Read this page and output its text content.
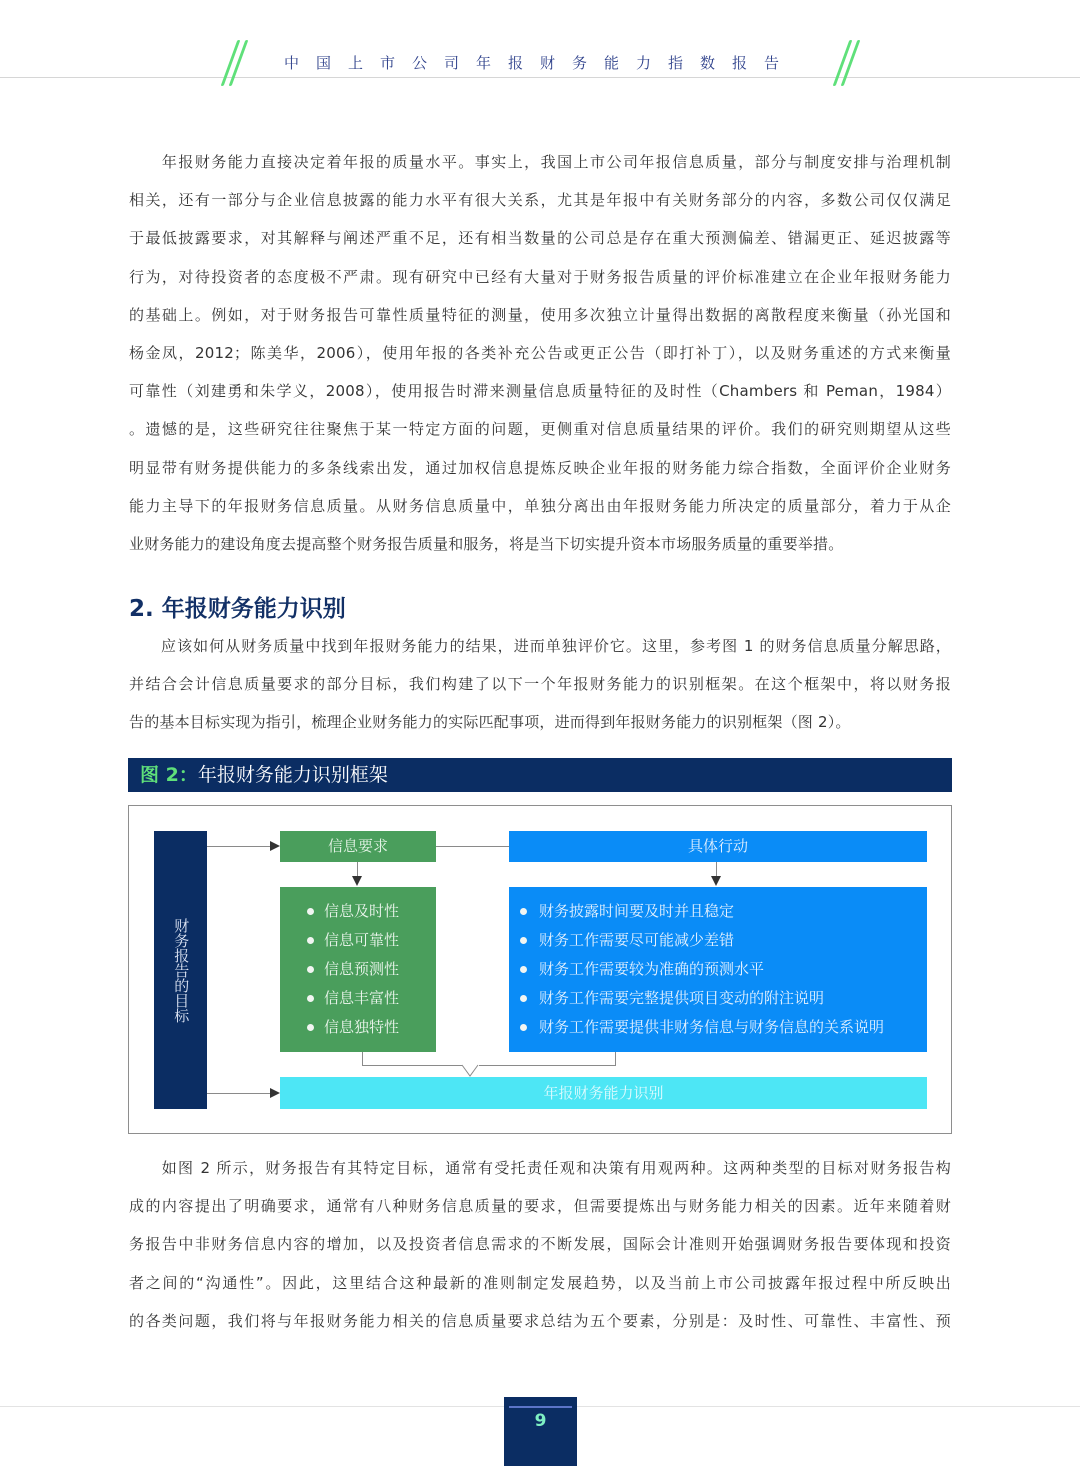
中国上市公司年报财务能力指数报告
　　年报财务能力直接决定着年报的质量水平。事实上，我国上市公司年报信息质量，部分与制度安排与治理机制
相关，还有一部分与企业信息披露的能力水平有很大关系，尤其是年报中有关财务部分的内容，多数公司仅仅满足
于最低披露要求，对其解释与阐述严重不足，还有相当数量的公司总是存在重大预测偏差、错漏更正、延迟披露等
行为，对待投资者的态度极不严肃。现有研究中已经有大量对于财务报告质量的评价标准建立在企业年报财务能力
的基础上。例如，对于财务报告可靠性质量特征的测量，使用多次独立计量得出数据的离散程度来衡量（孙光国和
杨金凤，2012；陈美华，2006），使用年报的各类补充公告或更正公告（即打补丁），以及财务重述的方式来衡量
可靠性（刘建勇和朱学义，2008），使用报告时滞来测量信息质量特征的及时性（Chambers 和 Peman，1984）
。遗憾的是，这些研究往往聚焦于某一特定方面的问题，更侧重对信息质量结果的评价。我们的研究则期望从这些
明显带有财务提供能力的多条线索出发，通过加权信息提炼反映企业年报的财务能力综合指数，全面评价企业财务
能力主导下的年报财务信息质量。从财务信息质量中，单独分离出由年报财务能力所决定的质量部分，着力于从企
业财务能力的建设角度去提高整个财务报告质量和服务，将是当下切实提升资本市场服务质量的重要举措。
2. 年报财务能力识别
　　应该如何从财务质量中找到年报财务能力的结果，进而单独评价它。这里，参考图 1 的财务信息质量分解思路，
并结合会计信息质量要求的部分目标，我们构建了以下一个年报财务能力的识别框架。在这个框架中，将以财务报
告的基本目标实现为指引，梳理企业财务能力的实际匹配事项，进而得到年报财务能力的识别框架（图 2）。
图 2：年报财务能力识别框架
财务报告的目标
信息要求
信息及时性
信息可靠性
信息预测性
信息丰富性
信息独特性
具体行动
财务披露时间要及时并且稳定
财务工作需要尽可能减少差错
财务工作需要较为准确的预测水平
财务工作需要完整提供项目变动的附注说明
财务工作需要提供非财务信息与财务信息的关系说明
年报财务能力识别
　　如图 2 所示，财务报告有其特定目标，通常有受托责任观和决策有用观两种。这两种类型的目标对财务报告构
成的内容提出了明确要求，通常有八种财务信息质量的要求，但需要提炼出与财务能力相关的因素。近年来随着财
务报告中非财务信息内容的增加，以及投资者信息需求的不断发展，国际会计准则开始强调财务报告要体现和投资
者之间的“沟通性”。因此，这里结合这种最新的准则制定发展趋势，以及当前上市公司披露年报过程中所反映出
的各类问题，我们将与年报财务能力相关的信息质量要求总结为五个要素，分别是：及时性、可靠性、丰富性、预
9
